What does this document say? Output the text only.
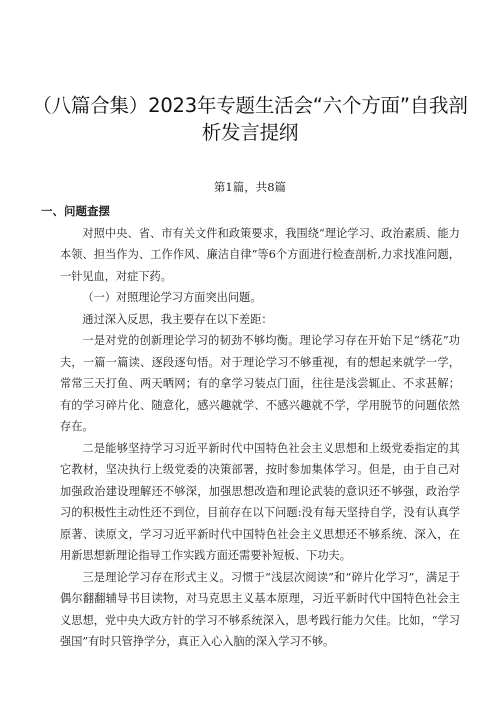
（八篇合集）2023年专题生活会“六个方面”自我剖
析发言提纲
第1篇，共8篇

一、问题查摆

对照中央、省、市有关文件和政策要求，我围绕“理论学习、政治素质、能力本领、担当作为、工作作风、廉洁自律”等6个方面进行检查剖析,力求找准问题，一针见血，对症下药。

（一）对照理论学习方面突出问题。

通过深入反思，我主要存在以下差距：

一是对党的创新理论学习的韧劲不够均衡。理论学习存在开始下足“绣花”功夫，一篇一篇读、逐段逐句悟。对于理论学习不够重视，有的想起来就学一学，常常三天打鱼、两天晒网；有的拿学习装点门面，往往是浅尝辄止、不求甚解；有的学习碎片化、随意化，感兴趣就学、不感兴趣就不学，学用脱节的问题依然存在。

二是能够坚持学习习近平新时代中国特色社会主义思想和上级党委指定的其它教材，坚决执行上级党委的决策部署，按时参加集体学习。但是，由于自己对加强政治建设理解还不够深，加强思想改造和理论武装的意识还不够强，政治学习的积极性主动性还不到位，目前存在以下问题:没有每天坚持自学，没有认真学原著、读原文，学习习近平新时代中国特色社会主义思想还不够系统、深入，在用新思想新理论指导工作实践方面还需要补短板、下功夫。

三是理论学习存在形式主义。习惯于“浅层次阅读”和“碎片化学习”，满足于偶尔翻翻辅导书目读物，对马克思主义基本原理，习近平新时代中国特色社会主义思想，党中央大政方针的学习不够系统深入，思考践行能力欠佳。比如，“学习强国”有时只管挣学分，真正入心入脑的深入学习不够。
